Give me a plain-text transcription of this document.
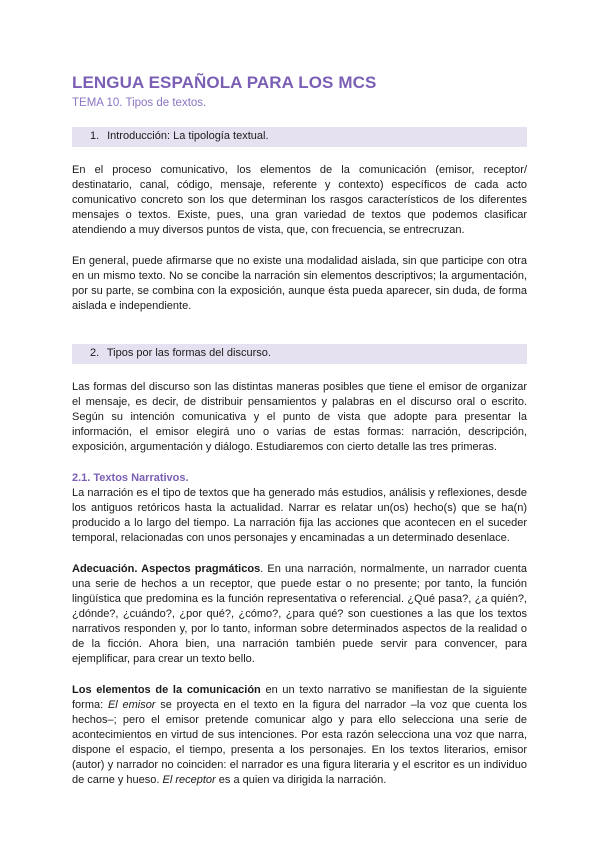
LENGUA ESPAÑOLA PARA LOS MCS
TEMA 10. Tipos de textos.
1. Introducción: La tipología textual.

En el proceso comunicativo, los elementos de la comunicación (emisor, receptor/ destinatario, canal, código, mensaje, referente y contexto) específicos de cada acto comunicativo concreto son los que determinan los rasgos característicos de los diferentes mensajes o textos. Existe, pues, una gran variedad de textos que podemos clasificar atendiendo a muy diversos puntos de vista, que, con frecuencia, se entrecruzan.

En general, puede afirmarse que no existe una modalidad aislada, sin que participe con otra en un mismo texto. No se concibe la narración sin elementos descriptivos; la argumentación, por su parte, se combina con la exposición, aunque ésta pueda aparecer, sin duda, de forma aislada e independiente.

2. Tipos por las formas del discurso.

Las formas del discurso son las distintas maneras posibles que tiene el emisor de organizar el mensaje, es decir, de distribuir pensamientos y palabras en el discurso oral o escrito. Según su intención comunicativa y el punto de vista que adopte para presentar la información, el emisor elegirá uno o varias de estas formas: narración, descripción, exposición, argumentación y diálogo. Estudiaremos con cierto detalle las tres primeras.

2.1. Textos Narrativos.

La narración es el tipo de textos que ha generado más estudios, análisis y reflexiones, desde los antiguos retóricos hasta la actualidad. Narrar es relatar un(os) hecho(s) que se ha(n) producido a lo largo del tiempo. La narración fija las acciones que acontecen en el suceder temporal, relacionadas con unos personajes y encaminadas a un determinado desenlace.

Adecuación. Aspectos pragmáticos. En una narración, normalmente, un narrador cuenta una serie de hechos a un receptor, que puede estar o no presente; por tanto, la función lingüística que predomina es la función representativa o referencial. ¿Qué pasa?, ¿a quién?, ¿dónde?, ¿cuándo?, ¿por qué?, ¿cómo?, ¿para qué? son cuestiones a las que los textos narrativos responden y, por lo tanto, informan sobre determinados aspectos de la realidad o de la ficción. Ahora bien, una narración también puede servir para convencer, para ejemplificar, para crear un texto bello.

Los elementos de la comunicación en un texto narrativo se manifiestan de la siguiente forma: El emisor se proyecta en el texto en la figura del narrador –la voz que cuenta los hechos–; pero el emisor pretende comunicar algo y para ello selecciona una serie de acontecimientos en virtud de sus intenciones. Por esta razón selecciona una voz que narra, dispone el espacio, el tiempo, presenta a los personajes. En los textos literarios, emisor (autor) y narrador no coinciden: el narrador es una figura literaria y el escritor es un individuo de carne y hueso. El receptor es a quien va dirigida la narración.
